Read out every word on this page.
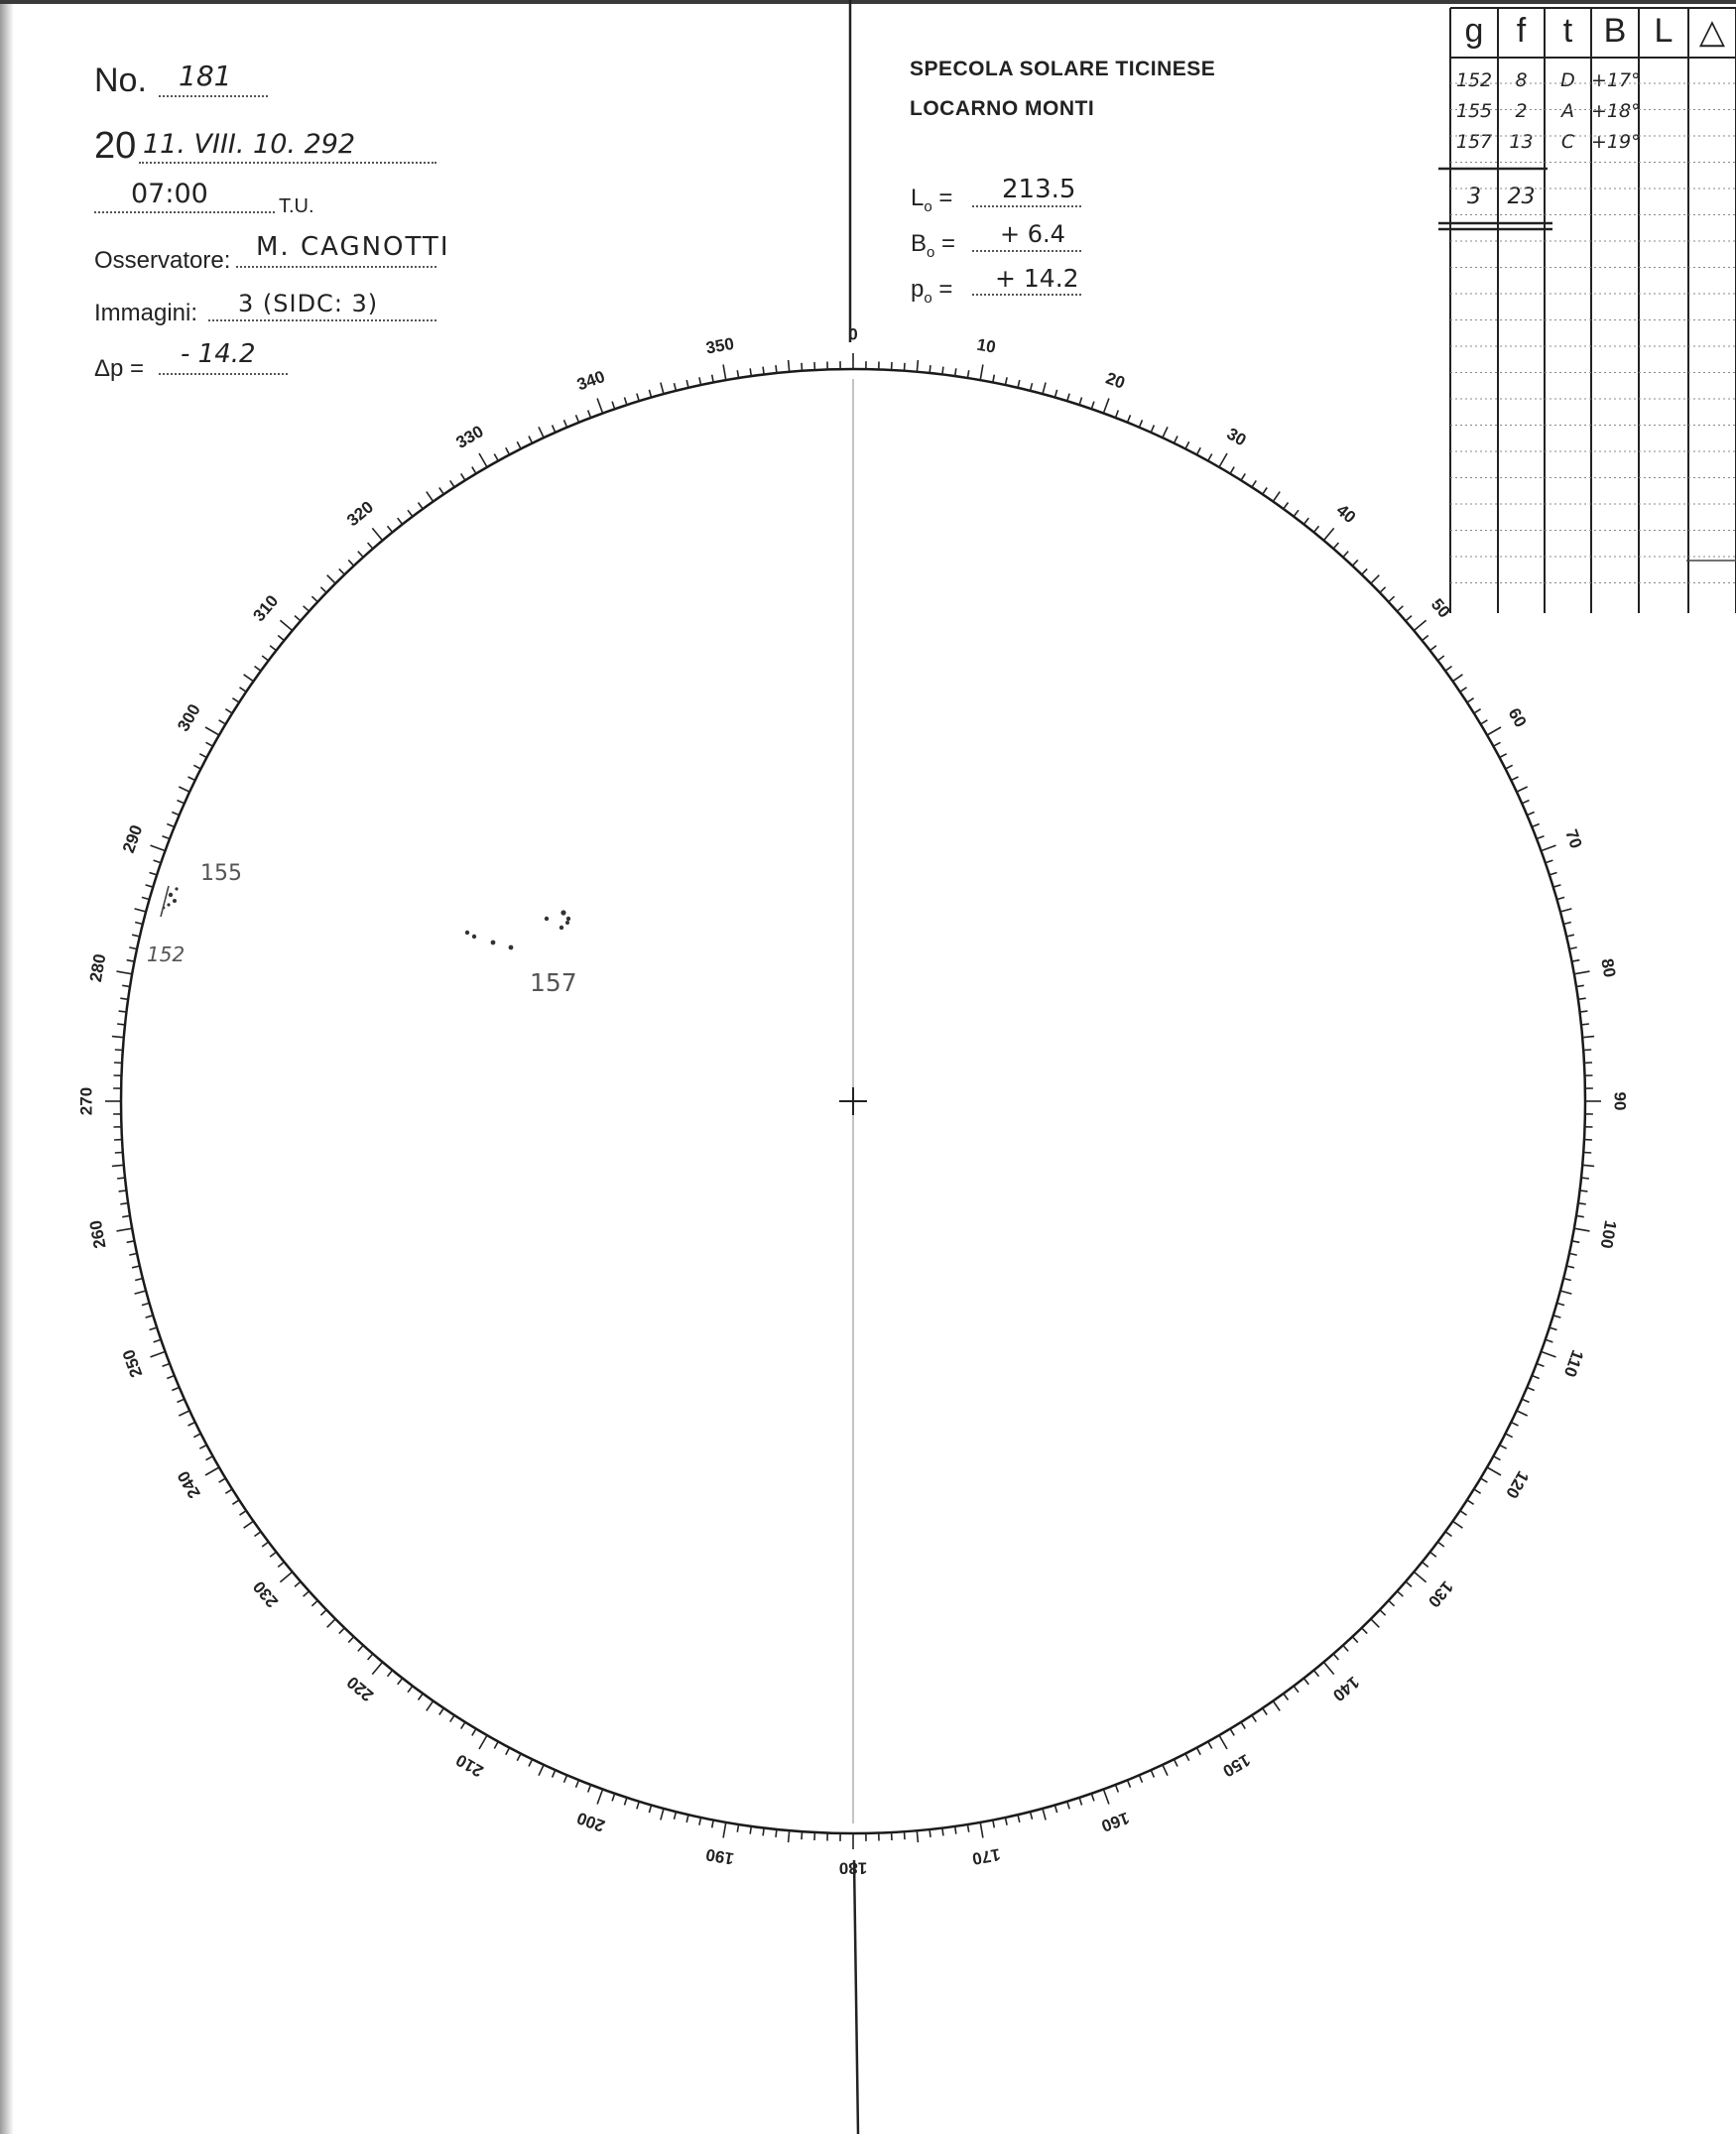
No. 181
20 11. VIII. 10. 292
07:00	T.U.
Osservatore: M. CAGNOTTI
Immagini: 3 (SIDC: 3)
Δp = - 14.2
SPECOLA SOLARE TICINESE
LOCARNO MONTI
$L_o = 213.5$
$B_o$ = + 6.4
$p_o$ = + 14.2
g f	t B L △
152	8	D +17°
155	2	A +18°
157 13	C +19°
3	23
155
152
157
0
10
20
30
40
50
60
70
80
90
100
110
120
130
140
150
160
170
180
190
200
210
220
230
240
250
260
270
280
290
300
310
320
330
340
350
